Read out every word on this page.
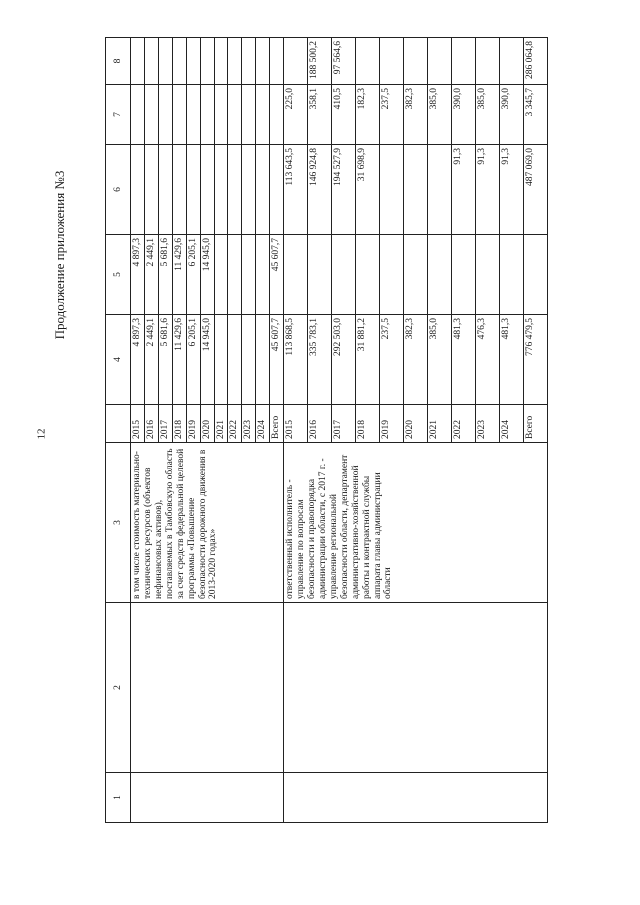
12
Продолжение приложения №3
1	2	3		4	5	6	7	8
		в том числе стоимость материально-технических ресурсов (объектов нефинансовых активов), поставляемых в Тамбовскую область за счет средств федеральной целевой программы «Повышение безопасности дорожного движения в 2013-2020 годах»	2015	4 897,3	4 897,3			
			2016	2 449,1	2 449,1			
			2017	5 681,6	5 681,6			
			2018	11 429,6	11 429,6			
			2019	6 205,1	6 205,1			
			2020	14 945,0	14 945,0			
			2021					
			2022					
			2023					
			2024					
			Всего	45 607,7	45 607,7			
		ответственный исполнитель - управление по вопросам безопасности и правопорядка администрации области, с 2017 г. - управление региональной безопасности области, департамент административно-хозяйственной работы и контрактной службы аппарата главы администрации области	2015	113 868,5		113 643,5	225,0	
			2016	335 783,1		146 924,8	358,1	188 500,2
			2017	292 503,0		194 527,9	410,5	97 564,6
			2018	31 881,2		31 698,9	182,3	
			2019	237,5			237,5	
			2020	382,3			382,3	
			2021	385,0			385,0	
			2022	481,3		91,3	390,0	
			2023	476,3		91,3	385,0	
			2024	481,3		91,3	390,0	
			Всего	776 479,5		487 069,0	3 345,7	286 064,8
